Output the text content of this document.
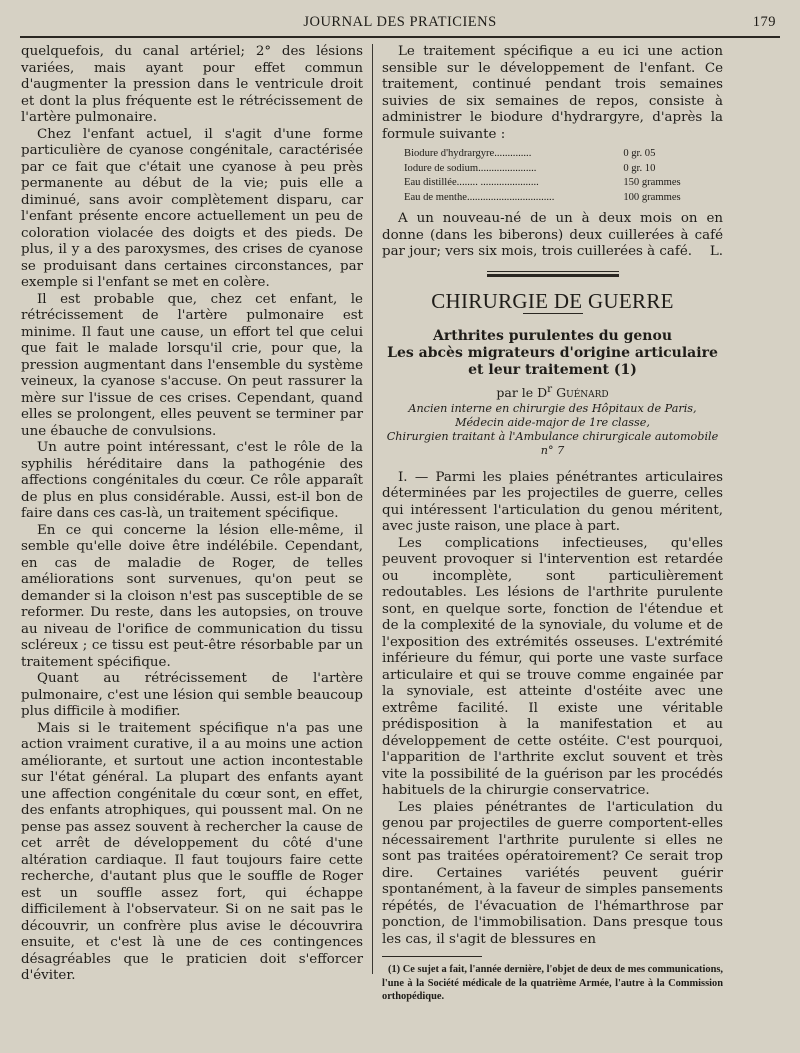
JOURNAL DES PRATICIENS	179

quelquefois, du canal artériel; 2° des lésions variées, mais ayant pour effet commun d'augmenter la pression dans le ventricule droit et dont la plus fréquente est le rétrécissement de l'artère pulmonaire.

Chez l'enfant actuel, il s'agit d'une forme particulière de cyanose congénitale, caractérisée par ce fait que c'était une cyanose à peu près permanente au début de la vie; puis elle a diminué, sans avoir complètement disparu, car l'enfant présente encore actuellement un peu de coloration violacée des doigts et des pieds. De plus, il y a des paroxysmes, des crises de cyanose se produisant dans certaines circonstances, par exemple si l'enfant se met en colère.

Il est probable que, chez cet enfant, le rétrécissement de l'artère pulmonaire est minime. Il faut une cause, un effort tel que celui que fait le malade lorsqu'il crie, pour que, la pression augmentant dans l'ensemble du système veineux, la cyanose s'accuse. On peut rassurer la mère sur l'issue de ces crises. Cependant, quand elles se prolongent, elles peuvent se terminer par une ébauche de convulsions.

Un autre point intéressant, c'est le rôle de la syphilis héréditaire dans la pathogénie des affections congénitales du cœur. Ce rôle apparaît de plus en plus considérable. Aussi, est-il bon de faire dans ces cas-là, un traitement spécifique.

En ce qui concerne la lésion elle-même, il semble qu'elle doive être indélébile. Cependant, en cas de maladie de Roger, de telles améliorations sont survenues, qu'on peut se demander si la cloison n'est pas susceptible de se reformer. Du reste, dans les autopsies, on trouve au niveau de l'orifice de communication du tissu scléreux ; ce tissu est peut-être résorbable par un traitement spécifique.

Quant au rétrécissement de l'artère pulmonaire, c'est une lésion qui semble beaucoup plus difficile à modifier.

Mais si le traitement spécifique n'a pas une action vraiment curative, il a au moins une action améliorante, et surtout une action incontestable sur l'état général. La plupart des enfants ayant une affection congénitale du cœur sont, en effet, des enfants atrophiques, qui poussent mal. On ne pense pas assez souvent à rechercher la cause de cet arrêt de développement du côté d'une altération cardiaque. Il faut toujours faire cette recherche, d'autant plus que le souffle de Roger est un souffle assez fort, qui échappe difficilement à l'observateur. Si on ne sait pas le découvrir, un confrère plus avise le découvrira ensuite, et c'est là une de ces contingences désagréables que le praticien doit s'efforcer d'éviter.

Le traitement spécifique a eu ici une action sensible sur le développement de l'enfant. Ce traitement, continué pendant trois semaines suivies de six semaines de repos, consiste à administrer le biodure d'hydrargyre, d'après la formule suivante :

Biodure d'hydrargyre..............	0 gr. 05
Iodure de sodium......................	0 gr. 10
Eau distillée........ ......................	150 grammes
Eau de menthe.................................	100 grammes

A un nouveau-né de un à deux mois on en donne (dans les biberons) deux cuillerées à café par jour; vers six mois, trois cuillerées à café.	L.

CHIRURGIE DE GUERRE
Arthrites purulentes du genou
Les abcès migrateurs d'origine articulaire
et leur traitement (1)
par le $D^r$ Guénard
Ancien interne en chirurgie des Hôpitaux de Paris,
Médecin aide-major de 1re classe,
Chirurgien traitant à l'Ambulance chirurgicale automobile n° 7

I. — Parmi les plaies pénétrantes articulaires déterminées par les projectiles de guerre, celles qui intéressent l'articulation du genou méritent, avec juste raison, une place à part.

Les complications infectieuses, qu'elles peuvent provoquer si l'intervention est retardée ou incomplète, sont particulièrement redoutables. Les lésions de l'arthrite purulente sont, en quelque sorte, fonction de l'étendue et de la complexité de la synoviale, du volume et de l'exposition des extrémités osseuses. L'extrémité inférieure du fémur, qui porte une vaste surface articulaire et qui se trouve comme engainée par la synoviale, est atteinte d'ostéite avec une extrême facilité. Il existe une véritable prédisposition à la manifestation et au développement de cette ostéite. C'est pourquoi, l'apparition de l'arthrite exclut souvent et très vite la possibilité de la guérison par les procédés habituels de la chirurgie conservatrice.

Les plaies pénétrantes de l'articulation du genou par projectiles de guerre comportent-elles nécessairement l'arthrite purulente si elles ne sont pas traitées opératoirement? Ce serait trop dire. Certaines variétés peuvent guérir spontanément, à la faveur de simples pansements répétés, de l'évacuation de l'hémarthrose par ponction, de l'immobilisation. Dans presque tous les cas, il s'agit de blessures en

(1) Ce sujet a fait, l'année dernière, l'objet de deux de mes communications, l'une à la Société médicale de la quatrième Armée, l'autre à la Commission orthopédique.
